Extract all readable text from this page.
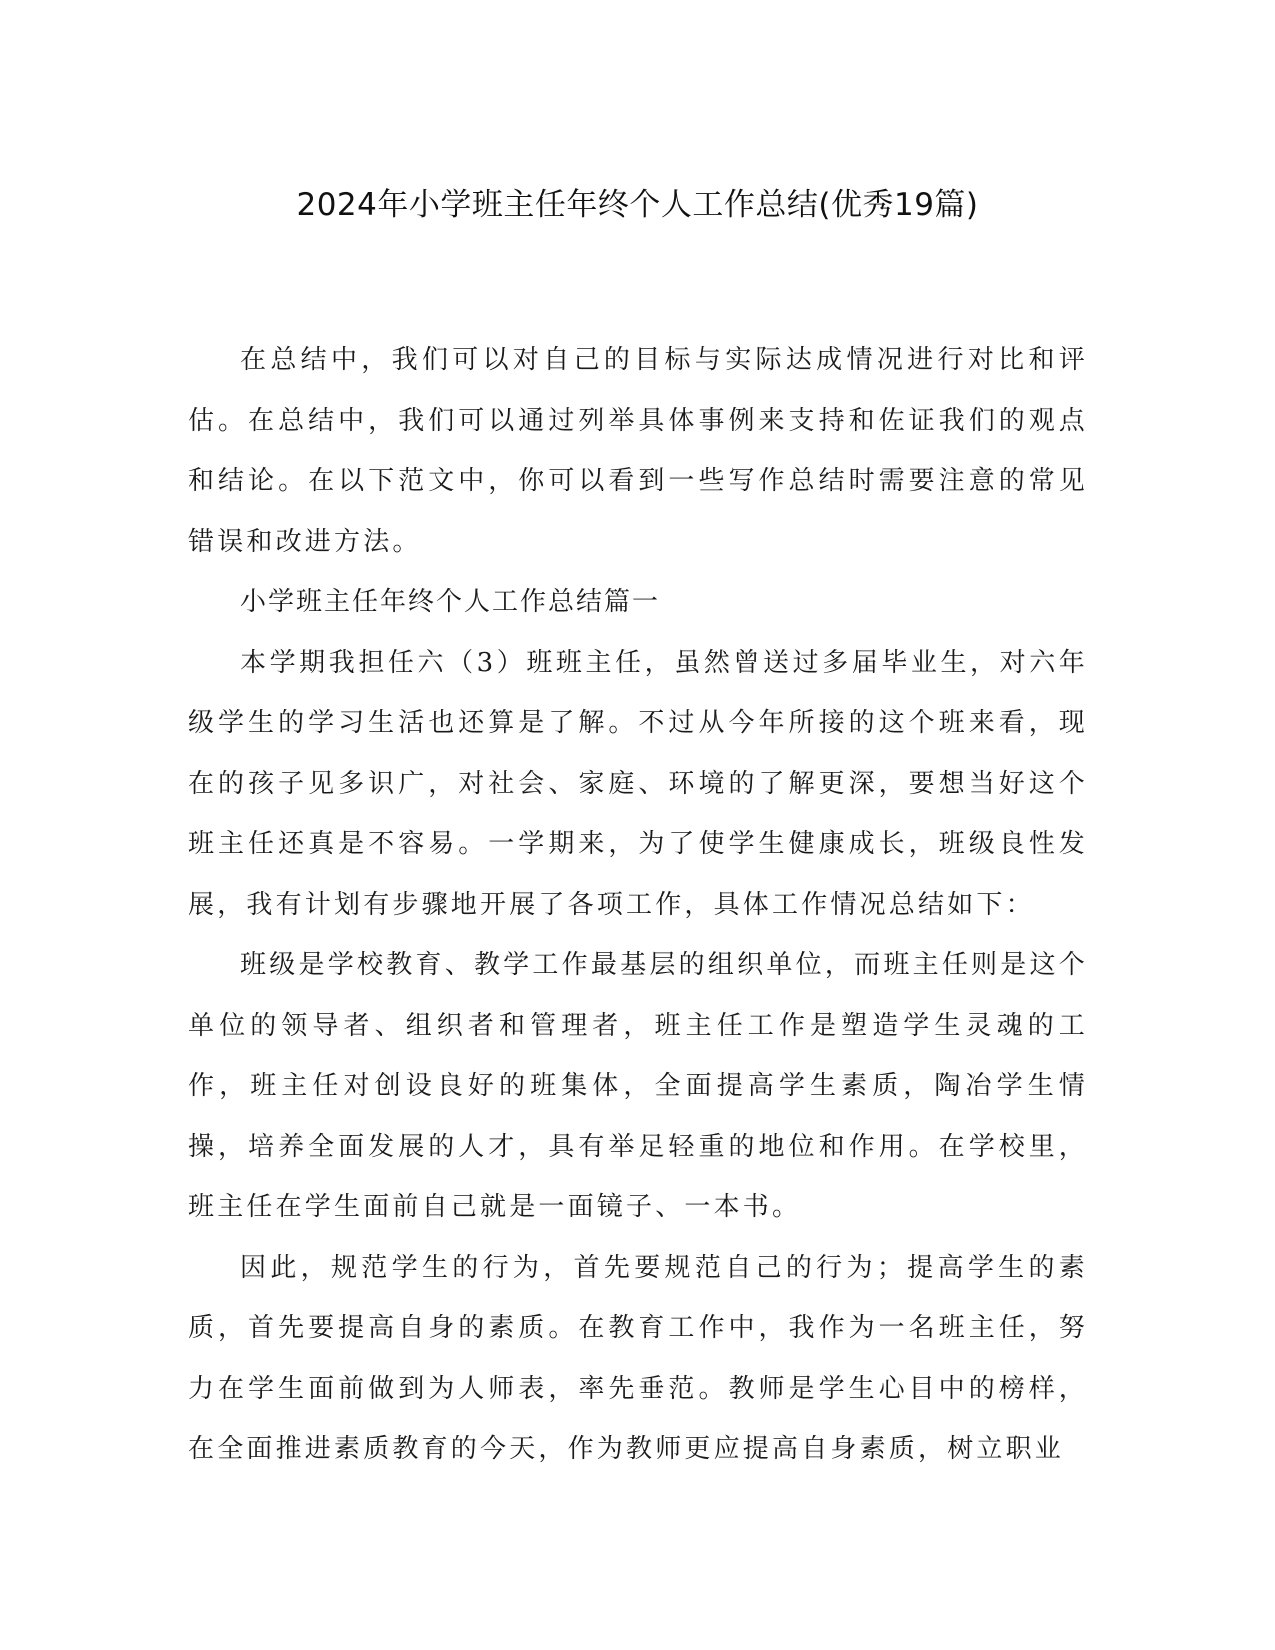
2024年小学班主任年终个人工作总结(优秀19篇)

在总结中，我们可以对自己的目标与实际达成情况进行对比和评估。在总结中，我们可以通过列举具体事例来支持和佐证我们的观点和结论。在以下范文中，你可以看到一些写作总结时需要注意的常见错误和改进方法。

小学班主任年终个人工作总结篇一

本学期我担任六（3）班班主任，虽然曾送过多届毕业生，对六年级学生的学习生活也还算是了解。不过从今年所接的这个班来看，现在的孩子见多识广，对社会、家庭、环境的了解更深，要想当好这个班主任还真是不容易。一学期来，为了使学生健康成长，班级良性发展，我有计划有步骤地开展了各项工作，具体工作情况总结如下：

班级是学校教育、教学工作最基层的组织单位，而班主任则是这个单位的领导者、组织者和管理者，班主任工作是塑造学生灵魂的工作，班主任对创设良好的班集体，全面提高学生素质，陶冶学生情操，培养全面发展的人才，具有举足轻重的地位和作用。在学校里，班主任在学生面前自己就是一面镜子、一本书。

因此，规范学生的行为，首先要规范自己的行为；提高学生的素质，首先要提高自身的素质。在教育工作中，我作为一名班主任，努力在学生面前做到为人师表，率先垂范。教师是学生心目中的榜样，在全面推进素质教育的今天，作为教师更应提高自身素质，树立职业
